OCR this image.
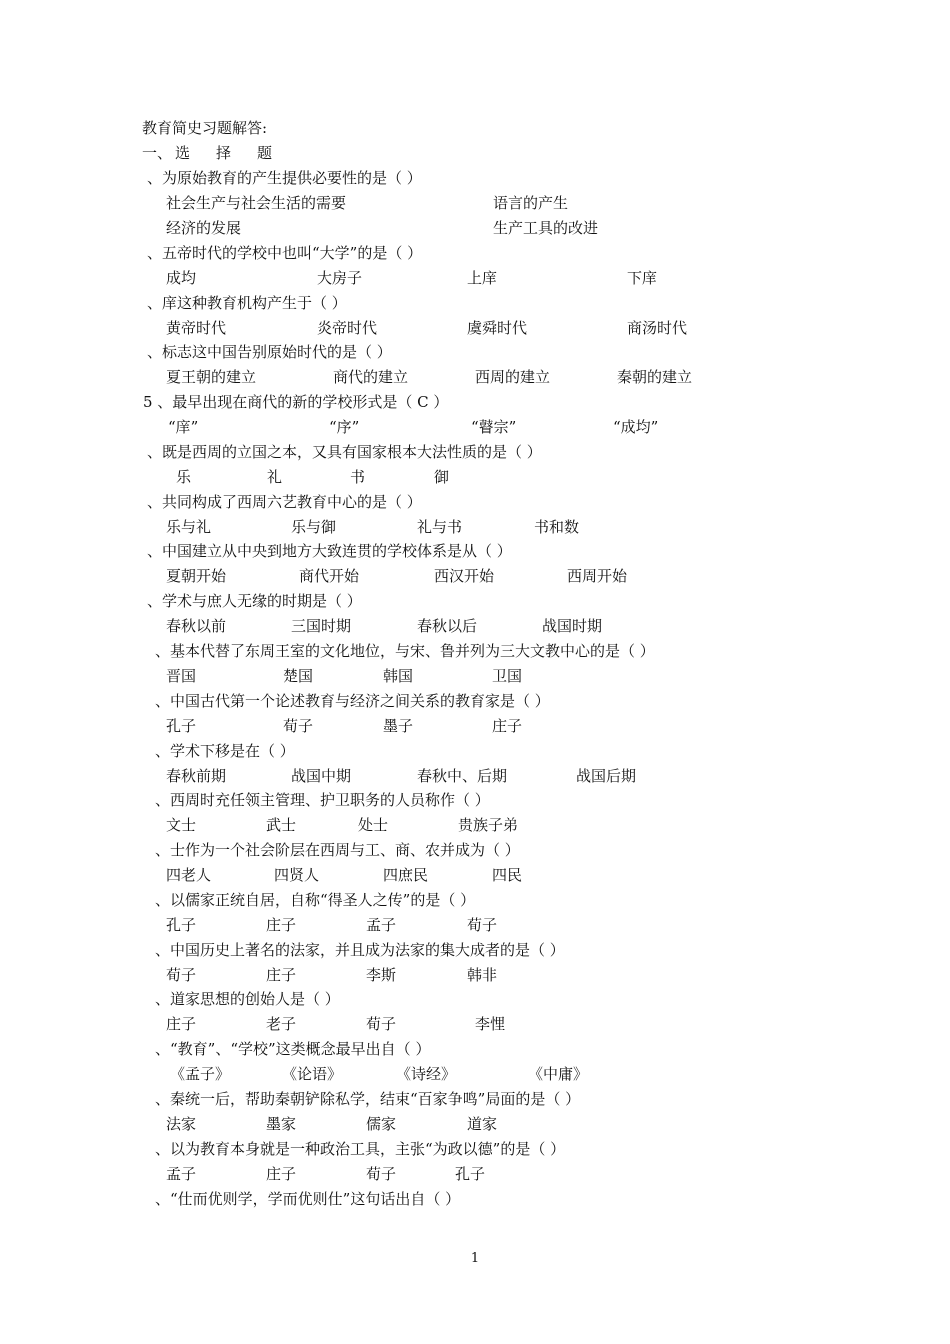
教育简史习题解答:
一、 选 择 题
、为原始教育的产生提供必要性的是（ ）
社会生产与社会生活的需要	语言的产生
经济的发展	生产工具的改进
、五帝时代的学校中也叫“大学”的是（ ）
成均	大房子	上庠	下庠
、庠这种教育机构产生于（ ）
黄帝时代	炎帝时代	虞舜时代	商汤时代
、标志这中国告别原始时代的是（ ）
夏王朝的建立	商代的建立	西周的建立	秦朝的建立
5 、最早出现在商代的新的学校形式是（ C ）
“庠”	“序”	“瞽宗”	“成均”
、既是西周的立国之本，又具有国家根本大法性质的是（ ）
乐	礼	书	御
、共同构成了西周六艺教育中心的是（ ）
乐与礼	乐与御	礼与书	书和数
、中国建立从中央到地方大致连贯的学校体系是从（ ）
夏朝开始	商代开始	西汉开始	西周开始
、学术与庶人无缘的时期是（ ）
春秋以前	三国时期	春秋以后	战国时期
、基本代替了东周王室的文化地位，与宋、鲁并列为三大文教中心的是（ ）
晋国	楚国	韩国	卫国
、中国古代第一个论述教育与经济之间关系的教育家是（ ）
孔子	荀子	墨子	庄子
、学术下移是在（ ）
春秋前期	战国中期	春秋中、后期	战国后期
、西周时充任领主管理、护卫职务的人员称作（ ）
文士	武士	处士	贵族子弟
、士作为一个社会阶层在西周与工、商、农并成为（ ）
四老人	四贤人	四庶民	四民
、以儒家正统自居，自称“得圣人之传”的是（ ）
孔子	庄子	孟子	荀子
、中国历史上著名的法家，并且成为法家的集大成者的是（ ）
荀子	庄子	李斯	韩非
、道家思想的创始人是（ ）
庄子	老子	荀子	李悝
、“教育”、“学校”这类概念最早出自（ ）
《孟子》	《论语》	《诗经》	《中庸》
、秦统一后，帮助秦朝铲除私学，结束“百家争鸣”局面的是（ ）
法家	墨家	儒家	道家
、以为教育本身就是一种政治工具，主张“为政以德”的是（ ）
孟子	庄子	荀子	孔子
、“仕而优则学，学而优则仕”这句话出自（ ）
1
